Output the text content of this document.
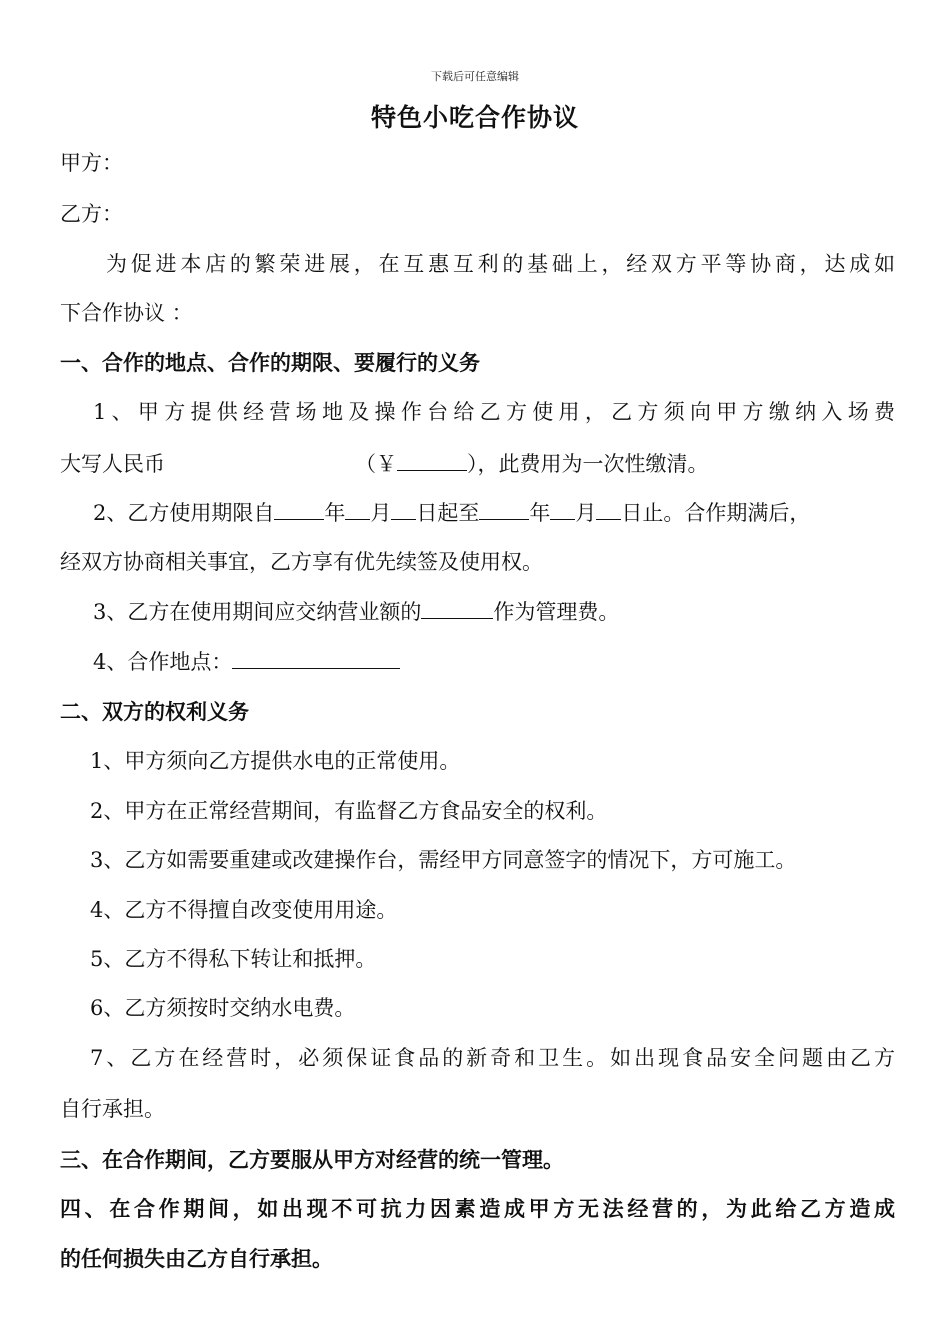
下载后可任意编辑
特色小吃合作协议
甲方：
乙方：
为促进本店的繁荣进展，在互惠互利的基础上，经双方平等协商，达成如
下合作协议 ：
一、合作的地点、合作的期限、要履行的义务
1、甲方提供经营场地及操作台给乙方使用，乙方须向甲方缴纳入场费
大写人民币	（￥	），此费用为一次性缴清。
2、乙方使用期限自 年 月 日起至 年 月 日止。合作期满后，
经双方协商相关事宜，乙方享有优先续签及使用权。
3、乙方在使用期间应交纳营业额的	作为管理费。
4、合作地点：
二、双方的权利义务
1、甲方须向乙方提供水电的正常使用。
2、甲方在正常经营期间，有监督乙方食品安全的权利。
3、乙方如需要重建或改建操作台，需经甲方同意签字的情况下，方可施工。
4、乙方不得擅自改变使用用途。
5、乙方不得私下转让和抵押。
6、乙方须按时交纳水电费。
7、乙方在经营时，必须保证食品的新奇和卫生。如出现食品安全问题由乙方
自行承担。
三、在合作期间，乙方要服从甲方对经营的统一管理。
四、在合作期间，如出现不可抗力因素造成甲方无法经营的，为此给乙方造成
的任何损失由乙方自行承担。
